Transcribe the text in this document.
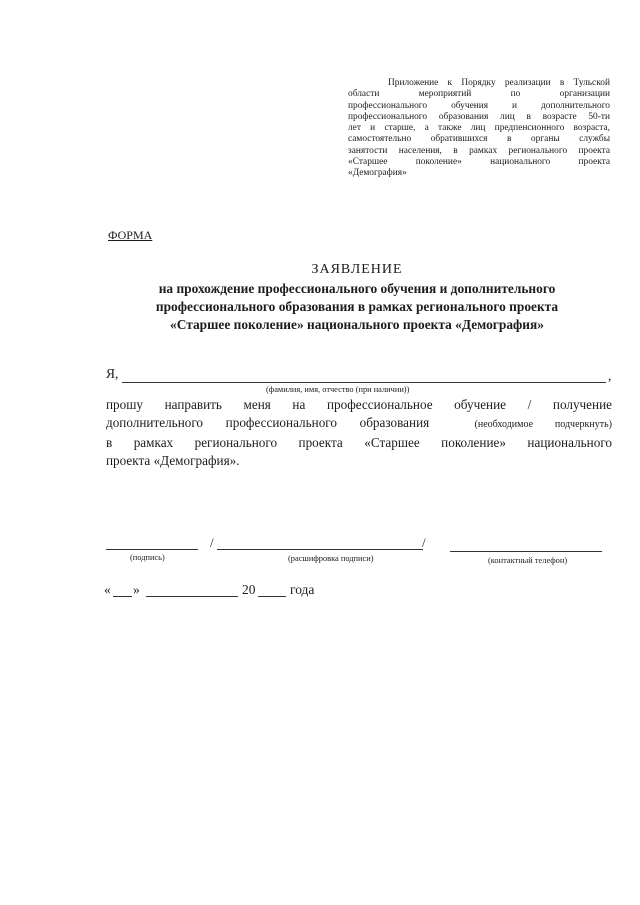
Приложение к Порядку реализации в Тульской
области мероприятий по организации
профессионального обучения и дополнительного
профессионального образования лиц в возрасте 50-ти
лет и старше, а также лиц предпенсионного возраста,
самостоятельно обратившихся в органы службы
занятости населения, в рамках регионального проекта
«Старшее поколение» национального проекта
«Демография»
ФОРМА
ЗАЯВЛЕНИЕ
на прохождение профессионального обучения и дополнительного
профессионального образования в рамках регионального проекта
«Старшее поколение» национального проекта «Демография»
Я,	,
(фамилия, имя, отчество (при наличии))
прошу направить меня на профессиональное обучение / получение
дополнительного профессионального образования	(необходимое подчеркнуть)
в рамках регионального проекта «Старшее поколение» национального
проекта «Демография».
/	/
(подпись)	(расшифровка подписи)	(контактный телефон)
« »	20	года
